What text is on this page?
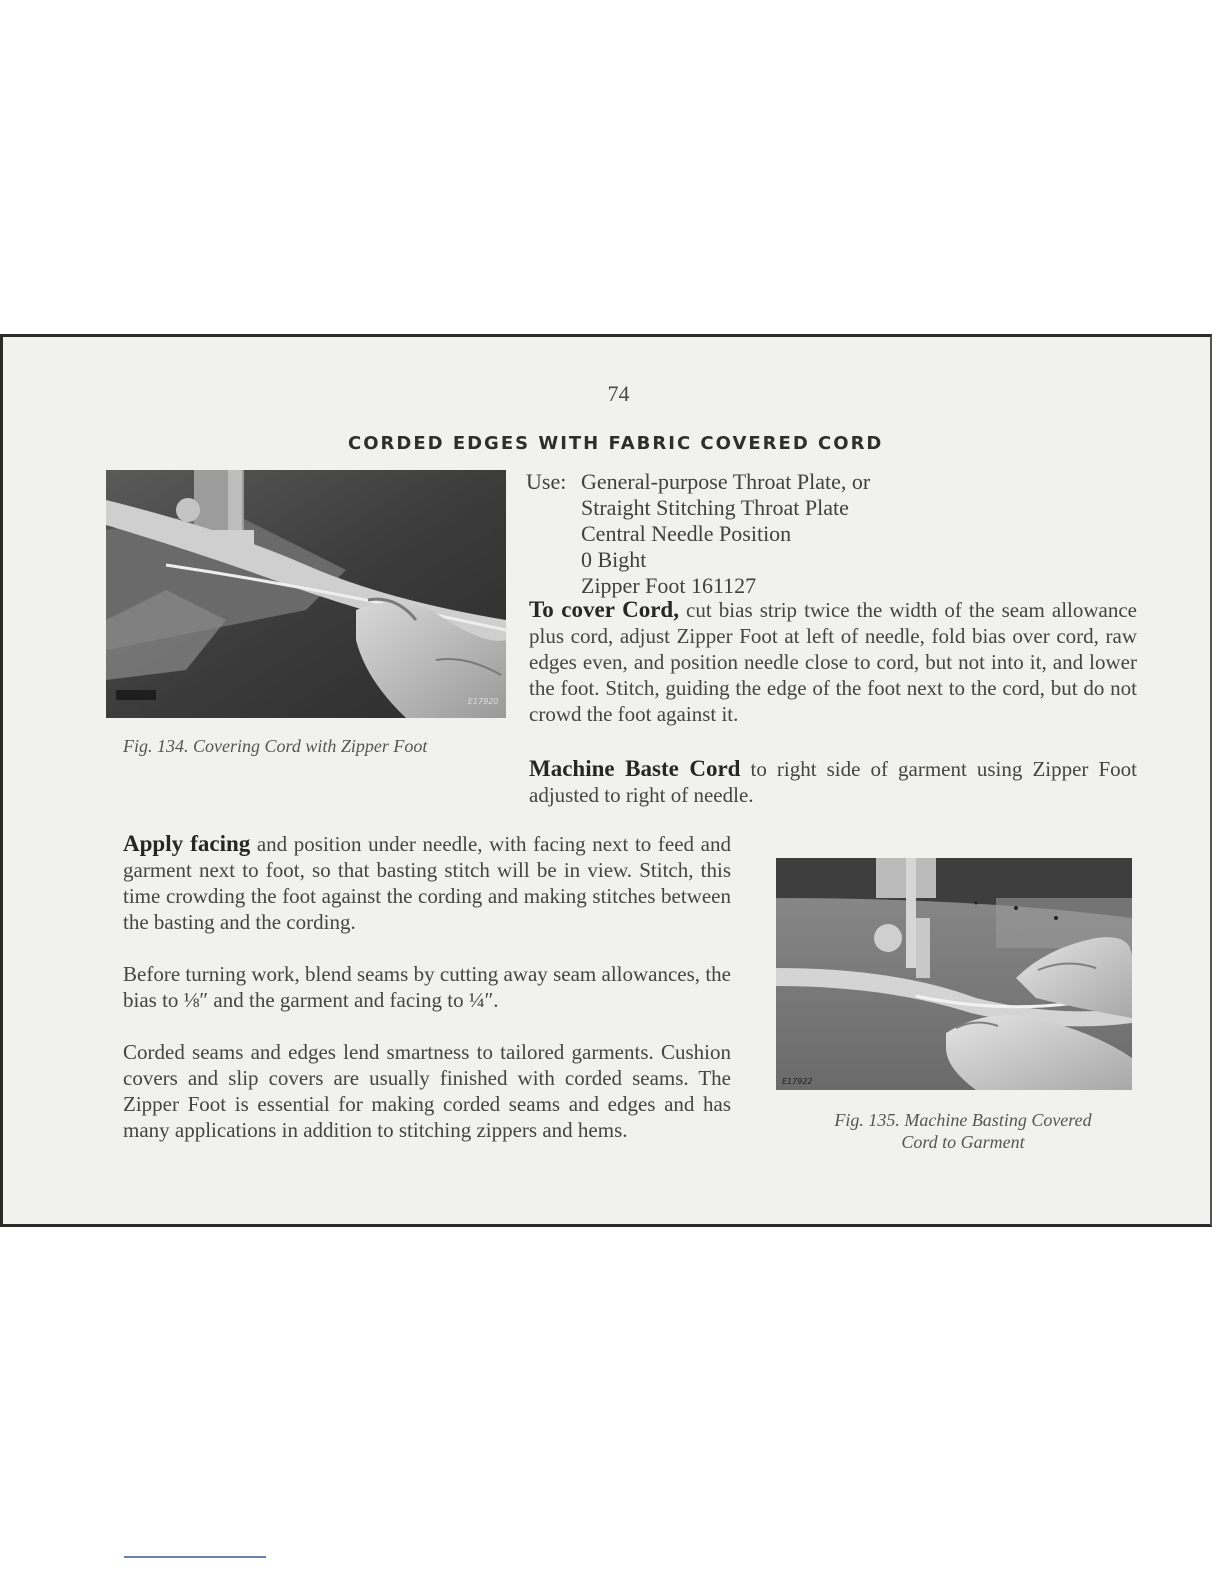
74
CORDED EDGES WITH FABRIC COVERED CORD
E17920
Fig. 134. Covering Cord with Zipper Foot
Use: General-purpose Throat Plate, or
Straight Stitching Throat Plate
Central Needle Position
0 Bight
Zipper Foot 161127
To cover Cord, cut bias strip twice the width of the seam allowance plus cord, adjust Zipper Foot at left of needle, fold bias over cord, raw edges even, and position needle close to cord, but not into it, and lower the foot. Stitch, guiding the edge of the foot next to the cord, but do not crowd the foot against it.
Machine Baste Cord to right side of garment using Zipper Foot adjusted to right of needle.
Apply facing and position under needle, with facing next to feed and garment next to foot, so that basting stitch will be in view. Stitch, this time crowding the foot against the cording and making stitches between the basting and the cording.
Before turning work, blend seams by cutting away seam allowances, the bias to ⅛″ and the garment and facing to ¼″.
Corded seams and edges lend smartness to tailored garments. Cushion covers and slip covers are usually finished with corded seams. The Zipper Foot is essential for making corded seams and edges and has many applications in addition to stitching zippers and hems.
E17922
Fig. 135. Machine Basting Covered Cord to Garment
